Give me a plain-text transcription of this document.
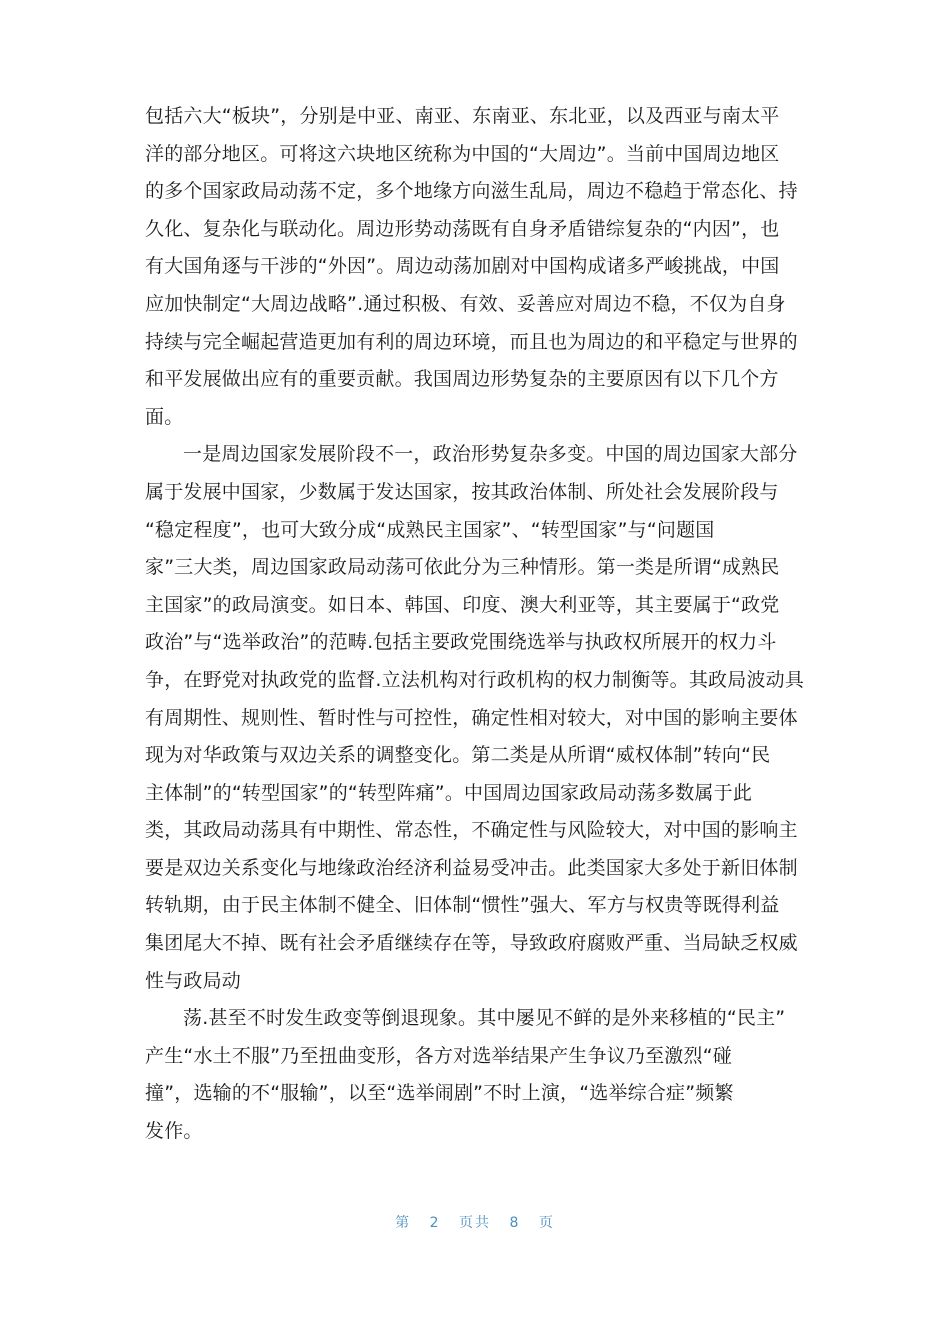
包括六大“板块”，分别是中亚、南亚、东南亚、东北亚，以及西亚与南太平
洋的部分地区。可将这六块地区统称为中国的“大周边”。当前中国周边地区
的多个国家政局动荡不定，多个地缘方向滋生乱局，周边不稳趋于常态化、持
久化、复杂化与联动化。周边形势动荡既有自身矛盾错综复杂的“内因”，也
有大国角逐与干涉的“外因”。周边动荡加剧对中国构成诸多严峻挑战，中国
应加快制定“大周边战略”.通过积极、有效、妥善应对周边不稳，不仅为自身
持续与完全崛起营造更加有利的周边环境，而且也为周边的和平稳定与世界的
和平发展做出应有的重要贡献。我国周边形势复杂的主要原因有以下几个方
面。
一是周边国家发展阶段不一，政治形势复杂多变。中国的周边国家大部分
属于发展中国家，少数属于发达国家，按其政治体制、所处社会发展阶段与
“稳定程度”，也可大致分成“成熟民主国家”、“转型国家”与“问题国
家”三大类，周边国家政局动荡可依此分为三种情形。第一类是所谓“成熟民
主国家”的政局演变。如日本、韩国、印度、澳大利亚等，其主要属于“政党
政治”与“选举政治”的范畴.包括主要政党围绕选举与执政权所展开的权力斗
争，在野党对执政党的监督.立法机构对行政机构的权力制衡等。其政局波动具
有周期性、规则性、暂时性与可控性，确定性相对较大，对中国的影响主要体
现为对华政策与双边关系的调整变化。第二类是从所谓“威权体制”转向“民
主体制”的“转型国家”的“转型阵痛”。中国周边国家政局动荡多数属于此
类，其政局动荡具有中期性、常态性，不确定性与风险较大，对中国的影响主
要是双边关系变化与地缘政治经济利益易受冲击。此类国家大多处于新旧体制
转轨期，由于民主体制不健全、旧体制“惯性”强大、军方与权贵等既得利益
集团尾大不掉、既有社会矛盾继续存在等，导致政府腐败严重、当局缺乏权威
性与政局动
荡.甚至不时发生政变等倒退现象。其中屡见不鲜的是外来移植的“民主”
产生“水土不服”乃至扭曲变形，各方对选举结果产生争议乃至激烈“碰
撞”，选输的不“服输”，以至“选举闹剧”不时上演，“选举综合症”频繁
发作。
第 2 页共 8 页
